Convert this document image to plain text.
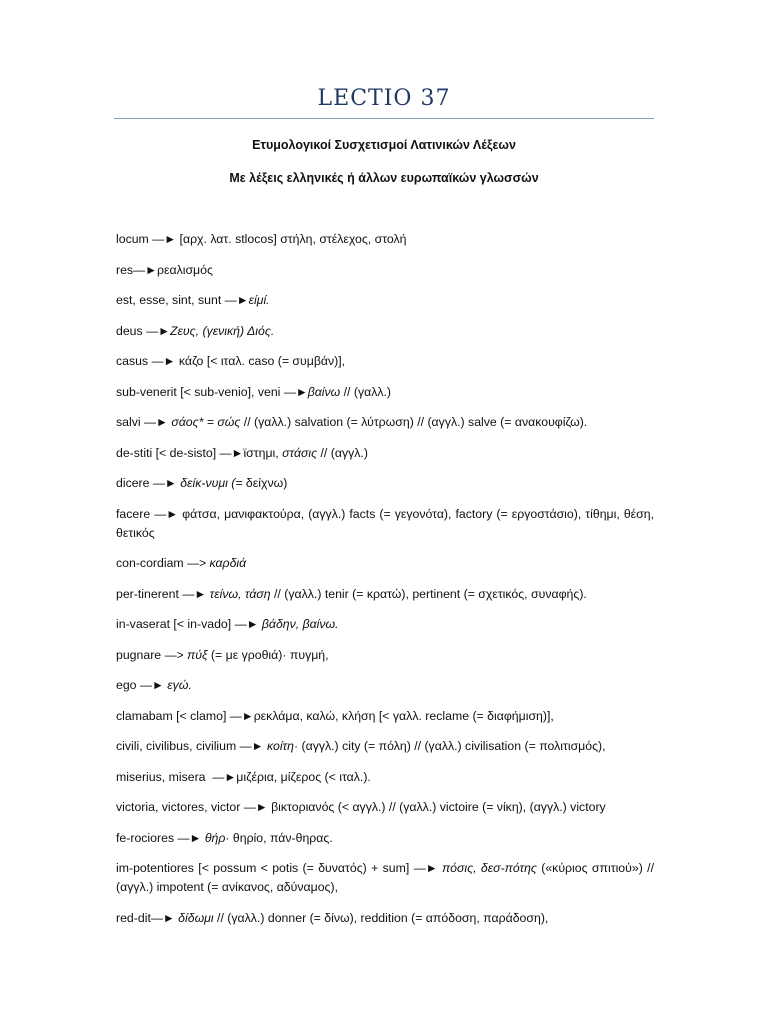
LECTIO 37
Ετυμολογικοί Συσχετισμοί Λατινικών Λέξεων
Με λέξεις ελληνικές ή άλλων ευρωπαϊκών γλωσσών

locum —► [αρχ. λατ. stlocos] στήλη, στέλεχος, στολή

res—►ρεαλισμός

est, esse, sint, sunt —►είμί.

deus —►Ζευς, (γενική) Διός.

casus —► κάζο [< ιταλ. caso (= συμβάν)],

sub-venerit [< sub-venio], veni —►βαίνω // (γαλλ.)

salvi —► σάος* = σώς // (γαλλ.) salvation (= λύτρωση) // (αγγλ.) salve (= ανακουφίζω).

de-stiti [< de-sisto] —►ϊστημι, στάσις // (αγγλ.)

dicere —► δείκ-νυμι (= δείχνω)

facere —► φάτσα, μανιφακτούρα, (αγγλ.) facts (= γεγονότα), factory (= εργοστάσιο), τίθημι, θέση, θετικός

con-cordiam —> καρδιά

per-tinerent —► τείνω, τάση // (γαλλ.) tenir (= κρατώ), pertinent (= σχετικός, συναφής).

in-vaserat [< in-vado] —► βάδην, βαίνω.

pugnare —> πύξ (= με γροθιά)· πυγμή,

ego —► εγώ.

clamabam [< clamo] —►ρεκλάμα, καλώ, κλήση [< γαλλ. reclame (= διαφήμιση)],

civili, civilibus, civilium —► κοίτη· (αγγλ.) city (= πόλη) // (γαλλ.) civilisation (= πολιτισμός),

miserius, misera —►μιζέρια, μίζερος (< ιταλ.).

victoria, victores, victor —► βικτοριανός (< αγγλ.) // (γαλλ.) victoire (= νίκη), (αγγλ.) victory

fe-rociores —► θήρ· θηρίο, πάν-θηρας.

im-potentiores [< possum < potis (= δυνατός) + sum] —► πόσις, δεσ-πότης («κύριος σπιτιού») // (αγγλ.) impotent (= ανίκανος, αδύναμος),

red-dit—► δίδωμι // (γαλλ.) donner (= δίνω), reddition (= απόδοση, παράδοση),
